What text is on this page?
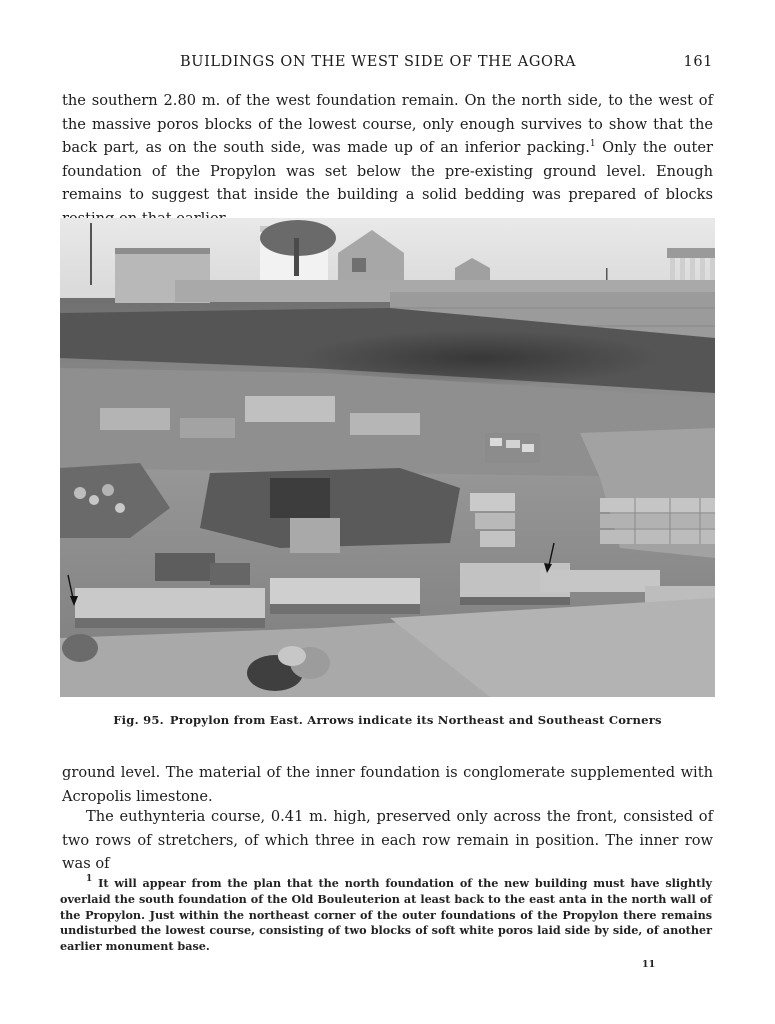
BUILDINGS ON THE WEST SIDE OF THE AGORA	161

the southern 2.80 m. of the west foundation remain. On the north side, to the west of the massive poros blocks of the lowest course, only enough survives to show that the back part, as on the south side, was made up of an inferior packing.$^1$ Only the outer foundation of the Propylon was set below the pre-existing ground level. Enough remains to suggest that inside the building a solid bedding was prepared of blocks

Fig. 95. Propylon from East. Arrows indicate its Northeast and Southeast Corners

ground level. The material of the inner foundation is conglomerate supplemented with Acropolis limestone.

The euthynteria course, 0.41 m. high, preserved only across the front, consisted of two rows of stretchers, of which three in each row remain in position. The inner row was of

$^1$ It will appear from the plan that the north foundation of the new building must have slightly overlaid the south foundation of the Old Bouleuterion at least back to the east anta in the north wall of the Propylon. Just within the northeast corner of the outer foundations of the Propylon there remains undisturbed the lowest course, consisting of two blocks of soft white poros laid side by side, of another earlier monument base.

11
